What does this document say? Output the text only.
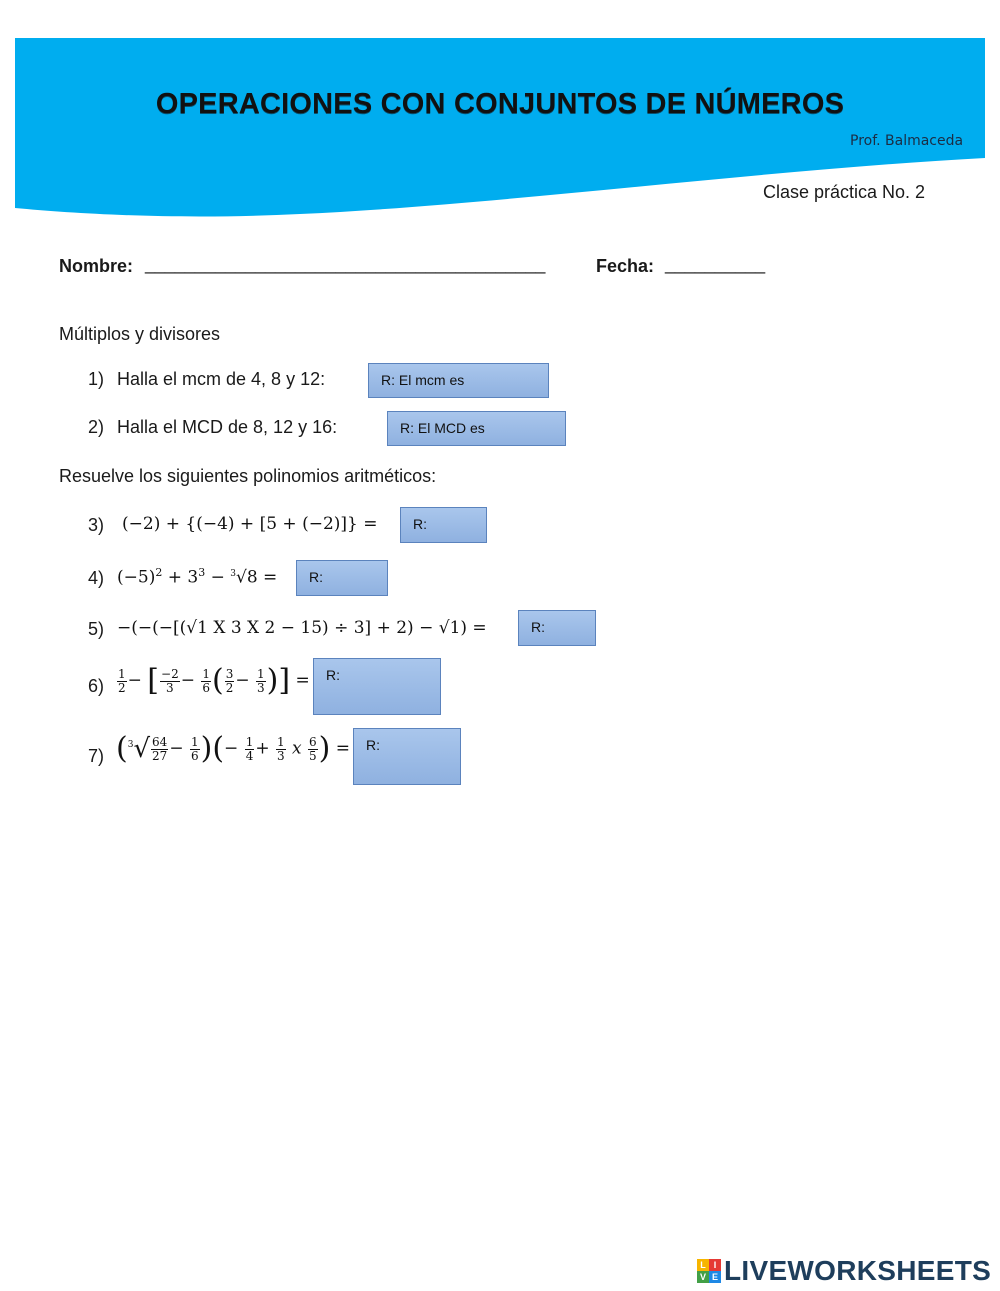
OPERACIONES CON CONJUNTOS DE NÚMEROS
Prof. Balmaceda
Clase práctica No. 2
Nombre: ________________________________________	Fecha: __________
Múltiplos y divisores
1) Halla el mcm de 4, 8 y 12:	R: El mcm es
2) Halla el MCD de 8, 12 y 16:	R: El MCD es
Resuelve los siguientes polinomios aritméticos:
3) (−2) + {(−4) + [5 + (−2)]} =	R:
4) $(-5)^2 + 3^3 - ^3√8$ =	R:
5) −(−(−[(√1 X 3 X 2 − 15) ÷ 3] + 2) − √1) =	R:
$6) \frac{1}{2}$ − [ $\frac{-2}{3} - \frac{1}{6}$ ( $\frac{3}{2} - \frac{1}{3}$ )] =	R:
7) ($^3√ \frac{64}{27} - \frac{1}{6}$ )(− $\frac{1}{4} + \frac{1}{3}$ x $\frac{6}{5}$ ) =	R:
L I
V E LIVEWORKSHEETS
